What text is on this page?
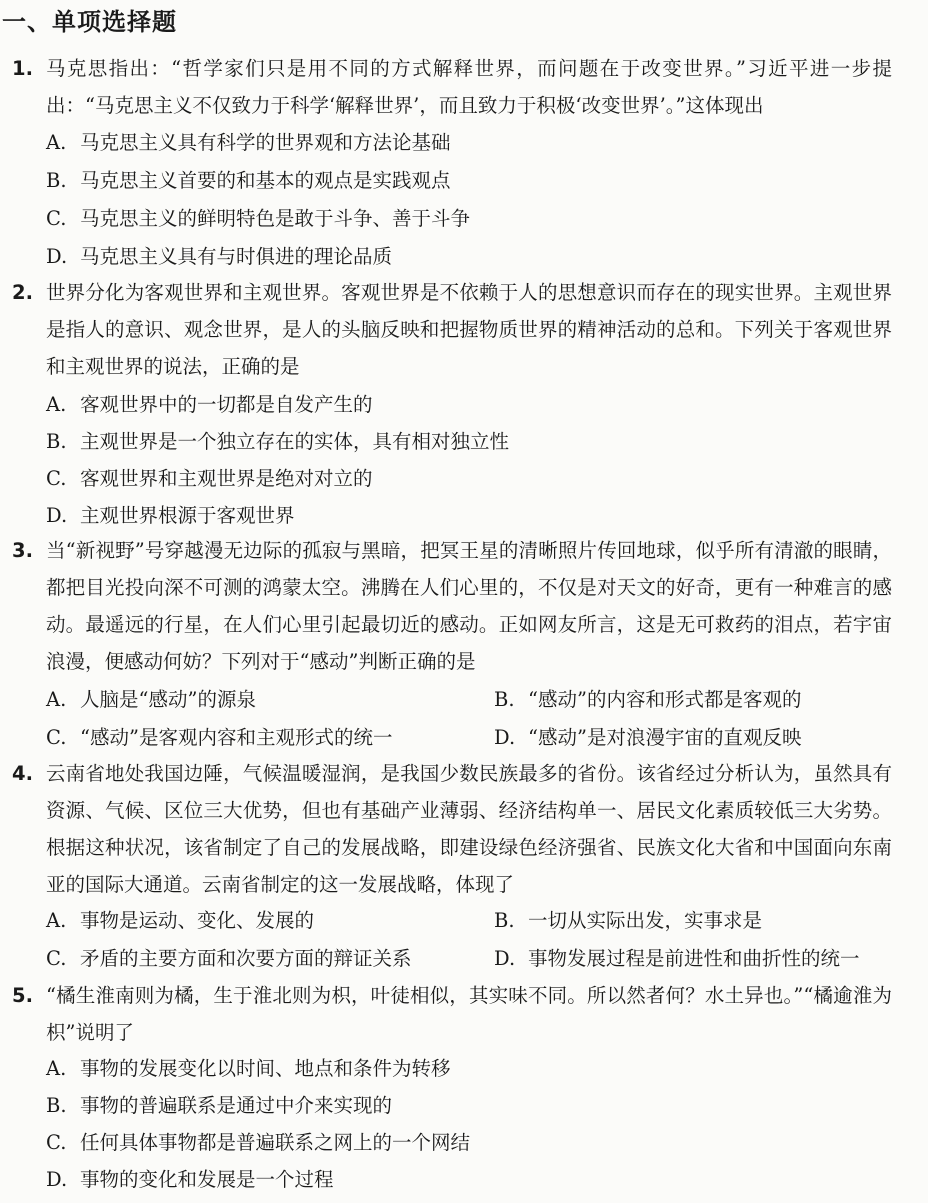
一、单项选择题
1. 马克思指出：“哲学家们只是用不同的方式解释世界，而问题在于改变世界。”习近平进一步提出：“马克思主义不仅致力于科学‘解释世界’，而且致力于积极‘改变世界’。”这体现出
A. 马克思主义具有科学的世界观和方法论基础
B. 马克思主义首要的和基本的观点是实践观点
C. 马克思主义的鲜明特色是敢于斗争、善于斗争
D. 马克思主义具有与时俱进的理论品质
2. 世界分化为客观世界和主观世界。客观世界是不依赖于人的思想意识而存在的现实世界。主观世界是指人的意识、观念世界，是人的头脑反映和把握物质世界的精神活动的总和。下列关于客观世界和主观世界的说法，正确的是
A. 客观世界中的一切都是自发产生的
B. 主观世界是一个独立存在的实体，具有相对独立性
C. 客观世界和主观世界是绝对对立的
D. 主观世界根源于客观世界
3. 当“新视野”号穿越漫无边际的孤寂与黑暗，把冥王星的清晰照片传回地球，似乎所有清澈的眼睛，都把目光投向深不可测的鸿蒙太空。沸腾在人们心里的，不仅是对天文的好奇，更有一种难言的感动。最遥远的行星，在人们心里引起最切近的感动。正如网友所言，这是无可救药的泪点，若宇宙浪漫，便感动何妨？下列对于“感动”判断正确的是
A. 人脑是“感动”的源泉	B. “感动”的内容和形式都是客观的
C. “感动”是客观内容和主观形式的统一	D. “感动”是对浪漫宇宙的直观反映
4. 云南省地处我国边陲，气候温暖湿润，是我国少数民族最多的省份。该省经过分析认为，虽然具有资源、气候、区位三大优势，但也有基础产业薄弱、经济结构单一、居民文化素质较低三大劣势。根据这种状况，该省制定了自己的发展战略，即建设绿色经济强省、民族文化大省和中国面向东南亚的国际大通道。云南省制定的这一发展战略，体现了
A. 事物是运动、变化、发展的	B. 一切从实际出发，实事求是
C. 矛盾的主要方面和次要方面的辩证关系	D. 事物发展过程是前进性和曲折性的统一
5. “橘生淮南则为橘，生于淮北则为枳，叶徒相似，其实味不同。所以然者何？水土异也。”“橘逾淮为枳”说明了
A. 事物的发展变化以时间、地点和条件为转移
B. 事物的普遍联系是通过中介来实现的
C. 任何具体事物都是普遍联系之网上的一个网结
D. 事物的变化和发展是一个过程
